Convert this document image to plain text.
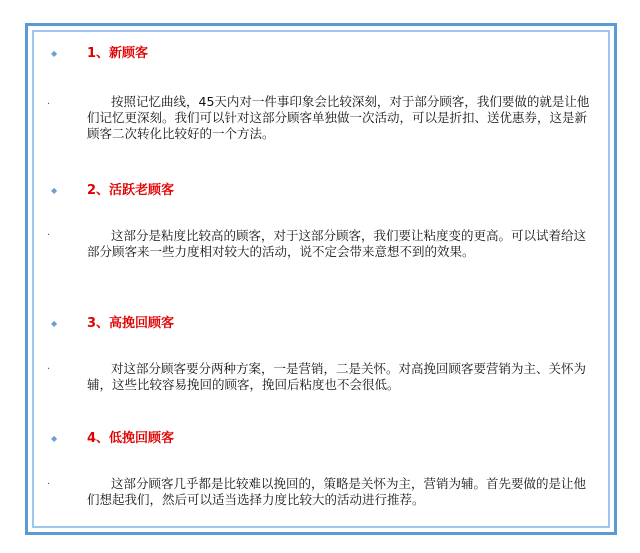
◆ 1、新顾客
·	按照记忆曲线，45天内对一件事印象会比较深刻，对于部分顾客，我们要做的就是让他们记忆更深刻。我们可以针对这部分顾客单独做一次活动，可以是折扣、送优惠券，这是新顾客二次转化比较好的一个方法。

◆ 2、活跃老顾客
·	这部分是粘度比较高的顾客，对于这部分顾客，我们要让粘度变的更高。可以试着给这部分顾客来一些力度相对较大的活动，说不定会带来意想不到的效果。

◆ 3、高挽回顾客
·	对这部分顾客要分两种方案，一是营销，二是关怀。对高挽回顾客要营销为主、关怀为辅，这些比较容易挽回的顾客，挽回后粘度也不会很低。

◆ 4、低挽回顾客
·	这部分顾客几乎都是比较难以挽回的，策略是关怀为主，营销为辅。首先要做的是让他们想起我们，然后可以适当选择力度比较大的活动进行推荐。
